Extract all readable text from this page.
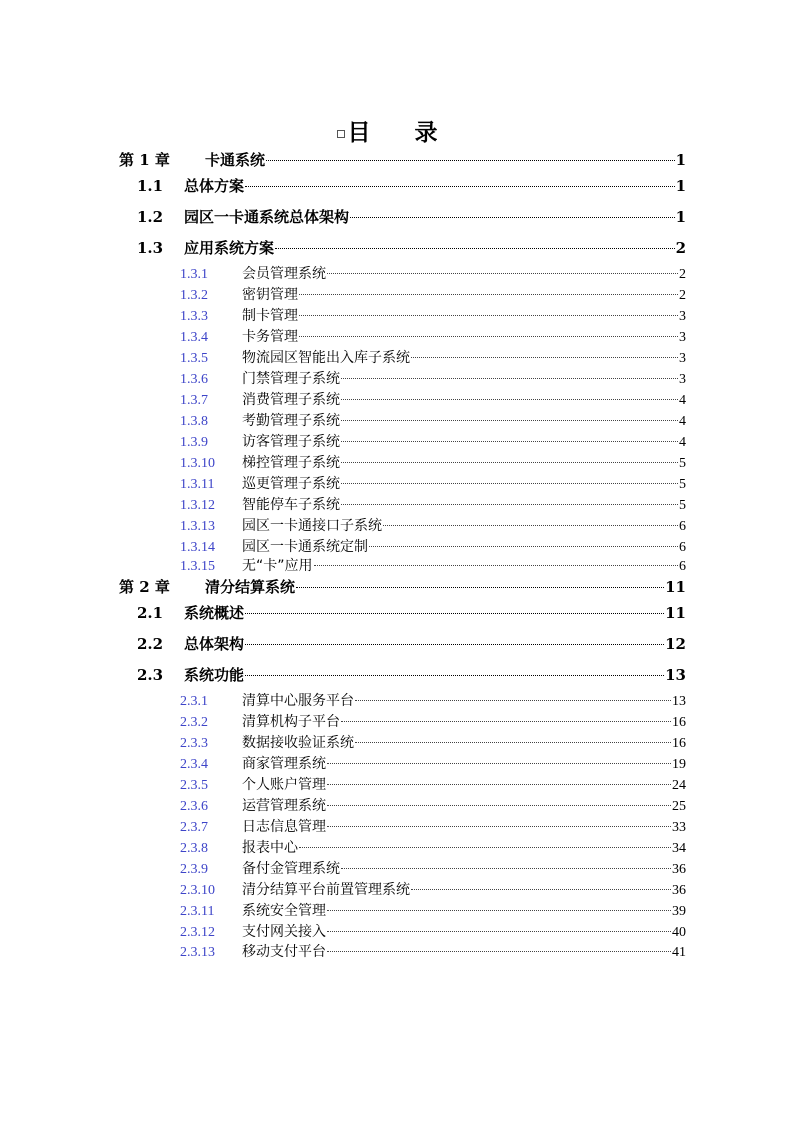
目 录
第 1 章	卡通系统	1
1.1	总体方案	1
1.2	园区一卡通系统总体架构	1
1.3	应用系统方案	2
1.3.1	会员管理系统	2
1.3.2	密钥管理	2
1.3.3	制卡管理	3
1.3.4	卡务管理	3
1.3.5	物流园区智能出入库子系统	3
1.3.6	门禁管理子系统	3
1.3.7	消费管理子系统	4
1.3.8	考勤管理子系统	4
1.3.9	访客管理子系统	4
1.3.10	梯控管理子系统	5
1.3.11	巡更管理子系统	5
1.3.12	智能停车子系统	5
1.3.13	园区一卡通接口子系统	6
1.3.14	园区一卡通系统定制	6
1.3.15	无“卡”应用	6
第 2 章	清分结算系统	11
2.1	系统概述	11
2.2	总体架构	12
2.3	系统功能	13
2.3.1	清算中心服务平台	13
2.3.2	清算机构子平台	16
2.3.3	数据接收验证系统	16
2.3.4	商家管理系统	19
2.3.5	个人账户管理	24
2.3.6	运营管理系统	25
2.3.7	日志信息管理	33
2.3.8	报表中心	34
2.3.9	备付金管理系统	36
2.3.10	清分结算平台前置管理系统	36
2.3.11	系统安全管理	39
2.3.12	支付网关接入	40
2.3.13	移动支付平台	41
